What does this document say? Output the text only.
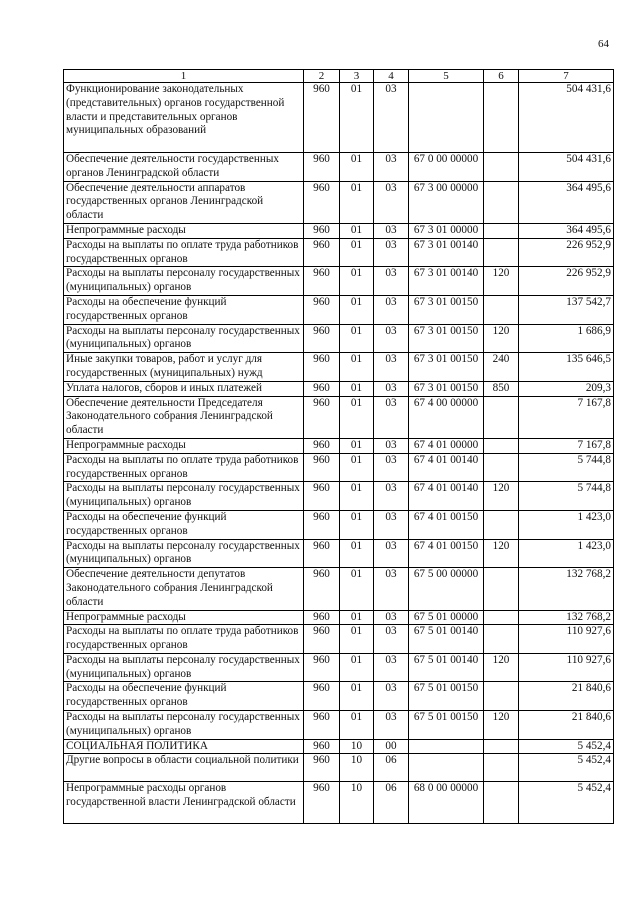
64
1	2	3	4	5	6	7
Функционирование законодательных (представительных) органов государственной власти и представительных органов муниципальных образований	960	01	03			504 431,6
Обеспечение деятельности государственных органов Ленинградской области	960	01	03	67 0 00 00000		504 431,6
Обеспечение деятельности аппаратов государственных органов Ленинградской области	960	01	03	67 3 00 00000		364 495,6
Непрограммные расходы	960	01	03	67 3 01 00000		364 495,6
Расходы на выплаты по оплате труда работников государственных органов	960	01	03	67 3 01 00140		226 952,9
Расходы на выплаты персоналу государственных (муниципальных) органов	960	01	03	67 3 01 00140	120	226 952,9
Расходы на обеспечение функций государственных органов	960	01	03	67 3 01 00150		137 542,7
Расходы на выплаты персоналу государственных (муниципальных) органов	960	01	03	67 3 01 00150	120	1 686,9
Иные закупки товаров, работ и услуг для государственных (муниципальных) нужд	960	01	03	67 3 01 00150	240	135 646,5
Уплата налогов, сборов и иных платежей	960	01	03	67 3 01 00150	850	209,3
Обеспечение деятельности Председателя Законодательного собрания Ленинградской области	960	01	03	67 4 00 00000		7 167,8
Непрограммные расходы	960	01	03	67 4 01 00000		7 167,8
Расходы на выплаты по оплате труда работников государственных органов	960	01	03	67 4 01 00140		5 744,8
Расходы на выплаты персоналу государственных (муниципальных) органов	960	01	03	67 4 01 00140	120	5 744,8
Расходы на обеспечение функций государственных органов	960	01	03	67 4 01 00150		1 423,0
Расходы на выплаты персоналу государственных (муниципальных) органов	960	01	03	67 4 01 00150	120	1 423,0
Обеспечение деятельности депутатов Законодательного собрания Ленинградской области	960	01	03	67 5 00 00000		132 768,2
Непрограммные расходы	960	01	03	67 5 01 00000		132 768,2
Расходы на выплаты по оплате труда работников государственных органов	960	01	03	67 5 01 00140		110 927,6
Расходы на выплаты персоналу государственных (муниципальных) органов	960	01	03	67 5 01 00140	120	110 927,6
Расходы на обеспечение функций государственных органов	960	01	03	67 5 01 00150		21 840,6
Расходы на выплаты персоналу государственных (муниципальных) органов	960	01	03	67 5 01 00150	120	21 840,6
СОЦИАЛЬНАЯ ПОЛИТИКА	960	10	00			5 452,4
Другие вопросы в области социальной политики	960	10	06			5 452,4
Непрограммные расходы органов государственной власти Ленинградской области	960	10	06	68 0 00 00000		5 452,4
